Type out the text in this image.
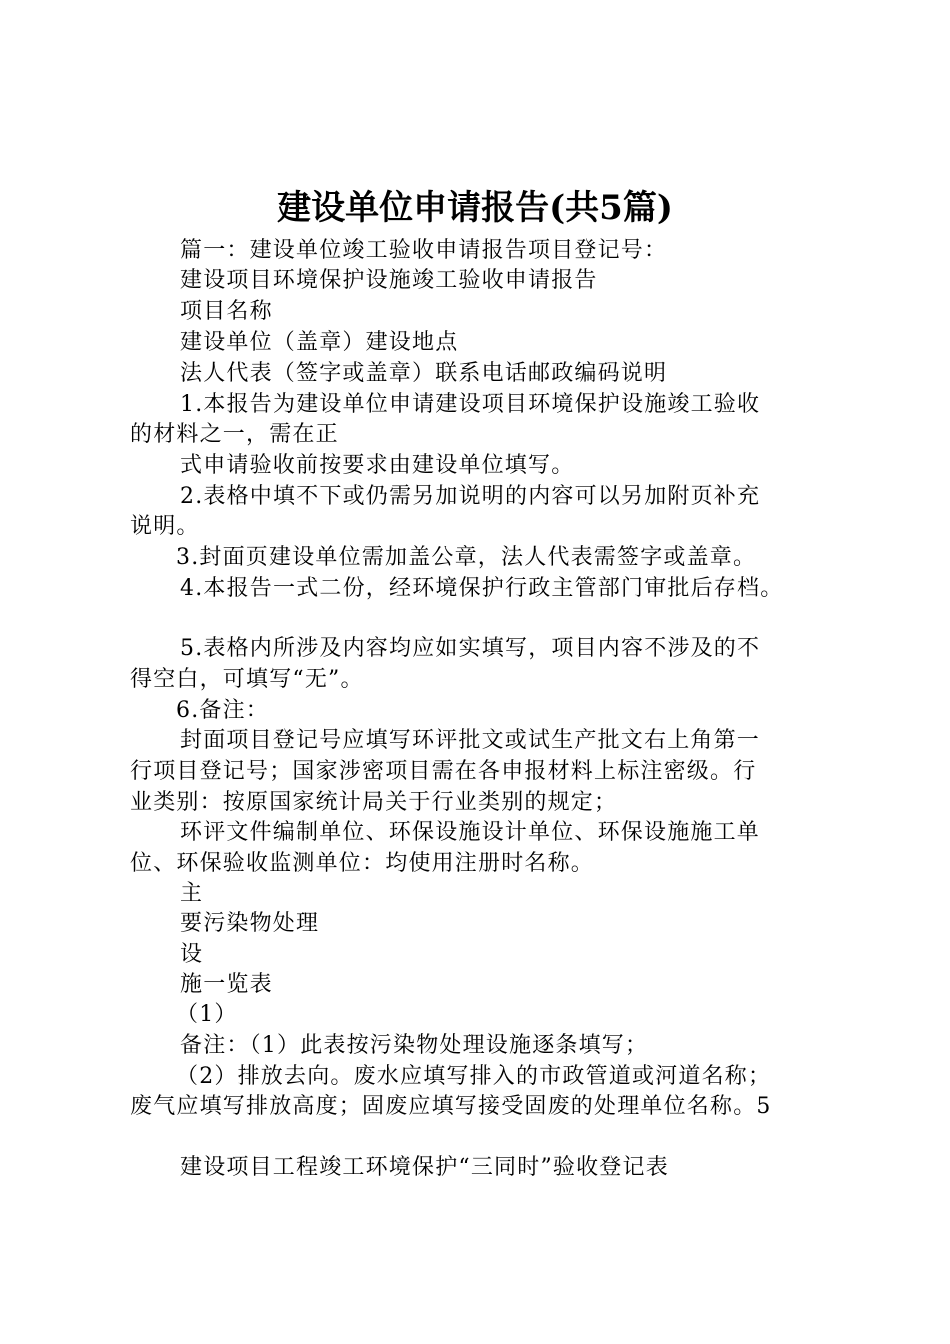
建设单位申请报告(共5篇)
篇一：建设单位竣工验收申请报告项目登记号：
建设项目环境保护设施竣工验收申请报告
项目名称
建设单位（盖章）建设地点
法人代表（签字或盖章）联系电话邮政编码说明
1.本报告为建设单位申请建设项目环境保护设施竣工验收
的材料之一，需在正
式申请验收前按要求由建设单位填写。
2.表格中填不下或仍需另加说明的内容可以另加附页补充
说明。
3.封面页建设单位需加盖公章，法人代表需签字或盖章。
4.本报告一式二份，经环境保护行政主管部门审批后存档。
5.表格内所涉及内容均应如实填写，项目内容不涉及的不
得空白，可填写“无”。
6.备注：
封面项目登记号应填写环评批文或试生产批文右上角第一
行项目登记号；国家涉密项目需在各申报材料上标注密级。行
业类别：按原国家统计局关于行业类别的规定；
环评文件编制单位、环保设施设计单位、环保设施施工单
位、环保验收监测单位：均使用注册时名称。
主
要污染物处理
设
施一览表
（1）
备注：（1）此表按污染物处理设施逐条填写；
（2）排放去向。废水应填写排入的市政管道或河道名称；
废气应填写排放高度；固废应填写接受固废的处理单位名称。5
建设项目工程竣工环境保护“三同时”验收登记表
